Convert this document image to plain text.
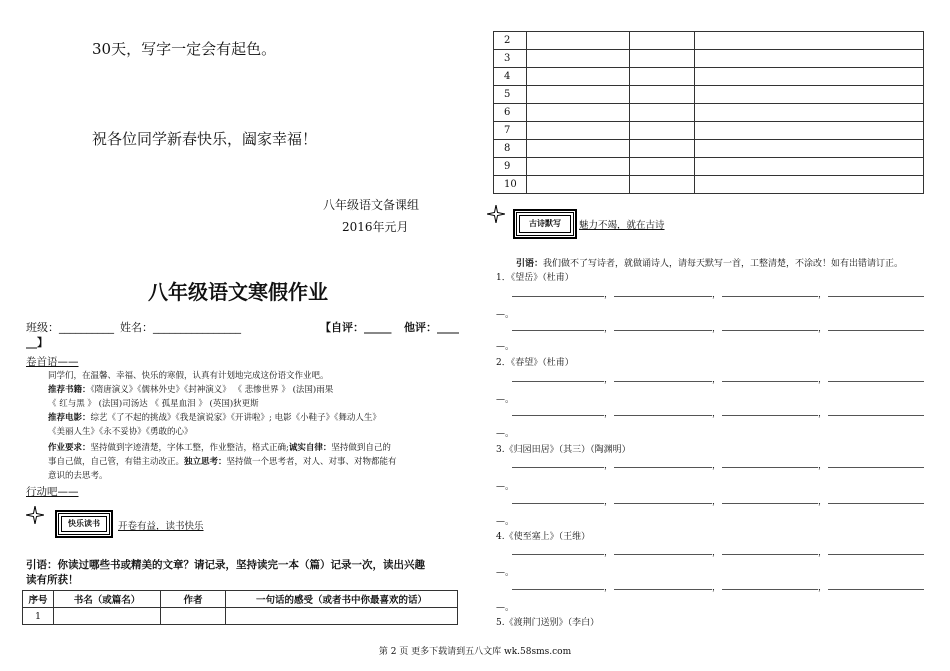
30天，写字一定会有起色。
祝各位同学新春快乐，阖家幸福！
八年级语文备课组
2016年元月
八年级语文寒假作业
班级：__________ 姓名：________________	【自评：_____ 他评：____
__】
卷首语——
同学们，在温馨、幸福、快乐的寒假，认真有计划地完成这份语文作业吧。
推荐书籍：《隋唐演义》《儒林外史》《封神演义》 《 悲惨世界 》 (法国)雨果
《 红与黑 》 (法国)司汤达 《 孤星血泪 》 (英国)狄更斯
推荐电影：综艺《了不起的挑战》《我是演说家》《开讲啦》; 电影《小鞋子》《舞动人生》
《美丽人生》《永不妥协》《勇敢的心》
作业要求：坚持做到字迹清楚，字体工整，作业整洁，格式正确;诚实自律：坚持做到自己的
事自己做，自己管，有错主动改正。独立思考：坚持做一个思考者，对人、对事、对物都能有
意识的去思考。
行动吧——
快乐读书	开卷有益，读书快乐
引语：你读过哪些书或精美的文章？请记录，坚持读完一本（篇）记录一次，读出兴趣
读有所获！
序号	书名（或篇名）	作者	一句话的感受（或者书中你最喜欢的话）
1			
2			
3			
4			
5			
6			
7			
8			
9			
10			
古诗默写	魅力不竭，就在古诗
引语：我们做不了写诗者，就做诵诗人，请每天默写一首，工整清楚，不涂改！如有出错请订正。
1．《望岳》（杜甫）
，	，	，
—。
，	，	，
—。
2．《春望》（杜甫）
，	，	，
—。
，	，	，
—。
3.《归园田居》（其三）（陶渊明）
，	，	，
—。
，	，	，
—。
4.《使至塞上》（王维）
，	，	，
—。
，	，	，
—。
5.《渡荆门送别》（李白）
第 2 页 更多下载请到五八文库 wk.58sms.com
